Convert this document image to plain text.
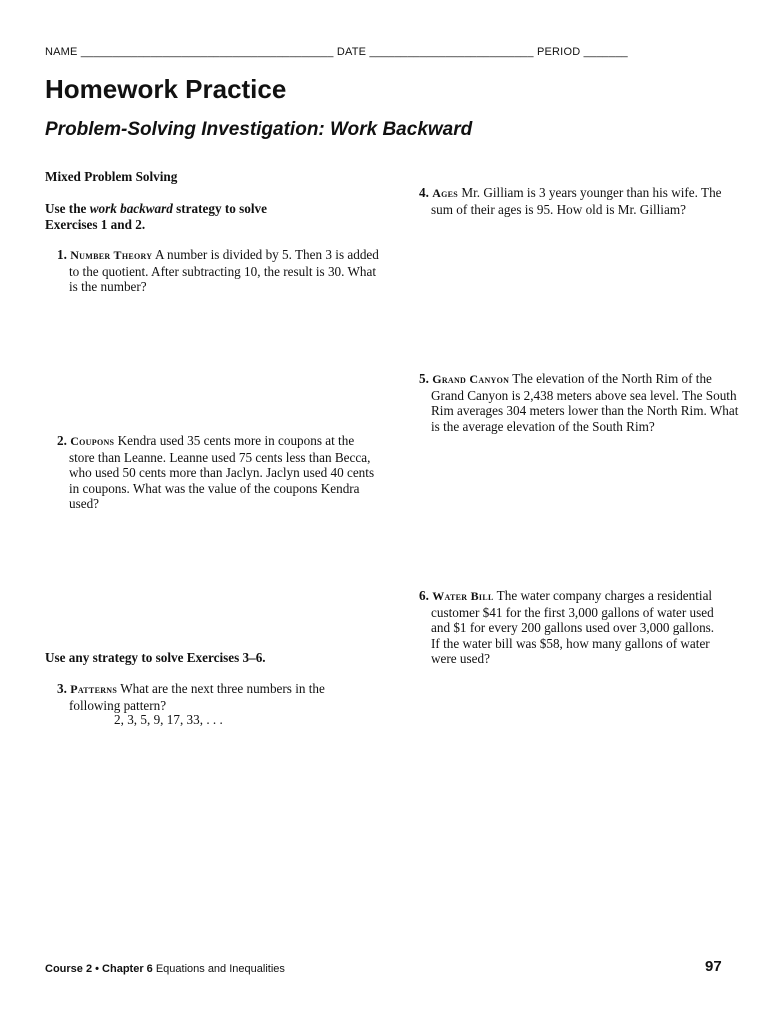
NAME ________________________________________ DATE __________________________ PERIOD _______
Homework Practice
Problem-Solving Investigation: Work Backward
Mixed Problem Solving
Use the work backward strategy to solve
Exercises 1 and 2.
1. Number Theory A number is divided by 5. Then 3 is added to the quotient. After subtracting 10, the result is 30. What is the number?
2. Coupons Kendra used 35 cents more in coupons at the store than Leanne. Leanne used 75 cents less than Becca, who used 50 cents more than Jaclyn. Jaclyn used 40 cents in coupons. What was the value of the coupons Kendra used?
Use any strategy to solve Exercises 3–6.
3. Patterns What are the next three numbers in the following pattern?
2, 3, 5, 9, 17, 33, . . .
4. Ages Mr. Gilliam is 3 years younger than his wife. The sum of their ages is 95. How old is Mr. Gilliam?
5. Grand Canyon The elevation of the North Rim of the Grand Canyon is 2,438 meters above sea level. The South Rim averages 304 meters lower than the North Rim. What is the average elevation of the South Rim?
6. Water Bill The water company charges a residential customer $41 for the first 3,000 gallons of water used and $1 for every 200 gallons used over 3,000 gallons. If the water bill was $58, how many gallons of water were used?
Course 2 • Chapter 6 Equations and Inequalities	97
